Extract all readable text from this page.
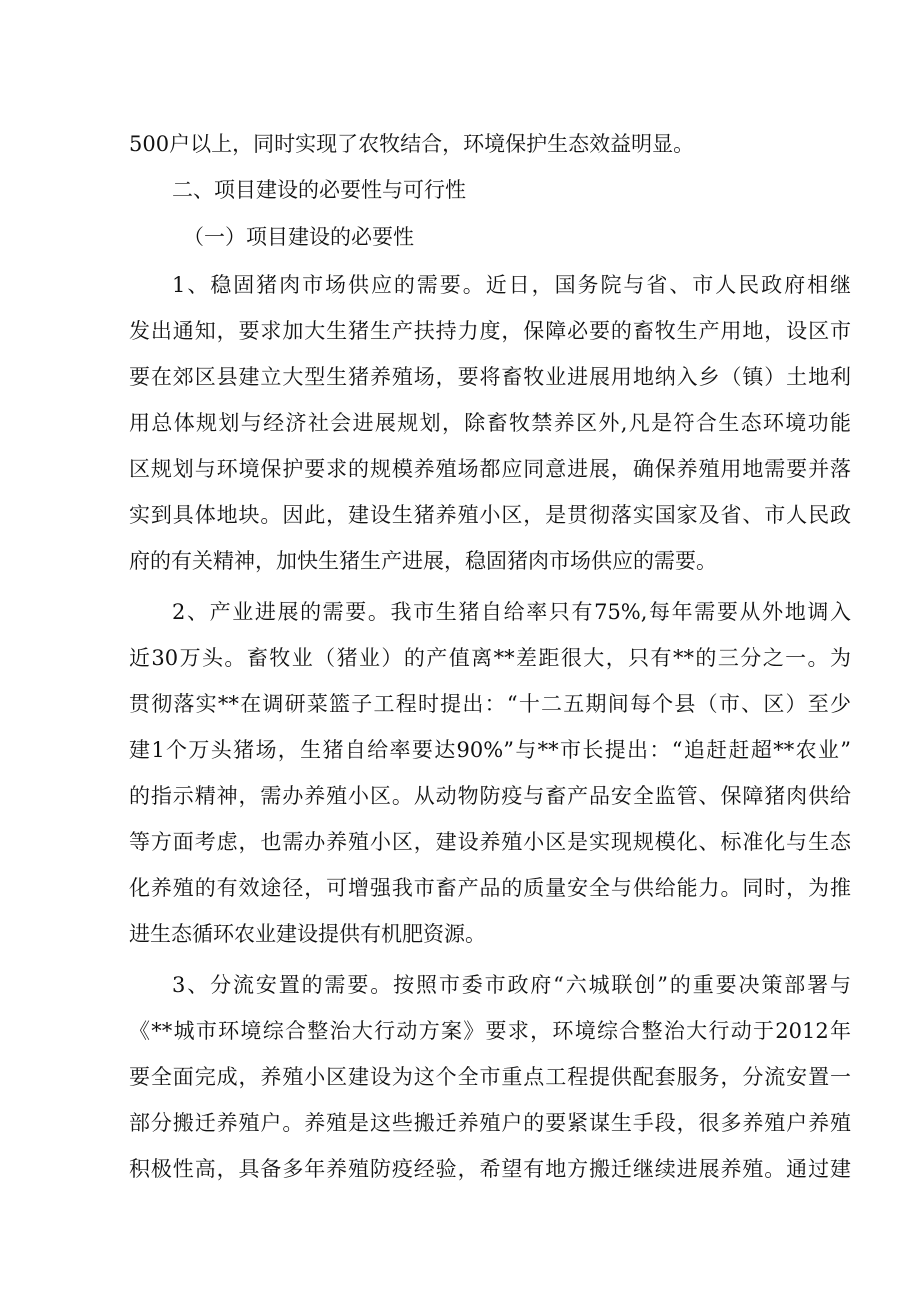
500户以上，同时实现了农牧结合，环境保护生态效益明显。
二、项目建设的必要性与可行性
（一）项目建设的必要性
1、稳固猪肉市场供应的需要。近日，国务院与省、市人民政府相继
发出通知，要求加大生猪生产扶持力度，保障必要的畜牧生产用地，设区市
要在郊区县建立大型生猪养殖场，要将畜牧业进展用地纳入乡（镇）土地利
用总体规划与经济社会进展规划，除畜牧禁养区外,凡是符合生态环境功能
区规划与环境保护要求的规模养殖场都应同意进展，确保养殖用地需要并落
实到具体地块。因此，建设生猪养殖小区，是贯彻落实国家及省、市人民政
府的有关精神，加快生猪生产进展，稳固猪肉市场供应的需要。
2、产业进展的需要。我市生猪自给率只有75%,每年需要从外地调入
近30万头。畜牧业（猪业）的产值离**差距很大，只有**的三分之一。为
贯彻落实**在调研菜篮子工程时提出：“十二五期间每个县（市、区）至少
建1个万头猪场，生猪自给率要达90%”与**市长提出：“追赶赶超**农业”
的指示精神，需办养殖小区。从动物防疫与畜产品安全监管、保障猪肉供给
等方面考虑，也需办养殖小区，建设养殖小区是实现规模化、标准化与生态
化养殖的有效途径，可增强我市畜产品的质量安全与供给能力。同时，为推
进生态循环农业建设提供有机肥资源。
3、分流安置的需要。按照市委市政府“六城联创”的重要决策部署与
《**城市环境综合整治大行动方案》要求，环境综合整治大行动于2012年
要全面完成，养殖小区建设为这个全市重点工程提供配套服务，分流安置一
部分搬迁养殖户。养殖是这些搬迁养殖户的要紧谋生手段，很多养殖户养殖
积极性高，具备多年养殖防疫经验，希望有地方搬迁继续进展养殖。通过建
